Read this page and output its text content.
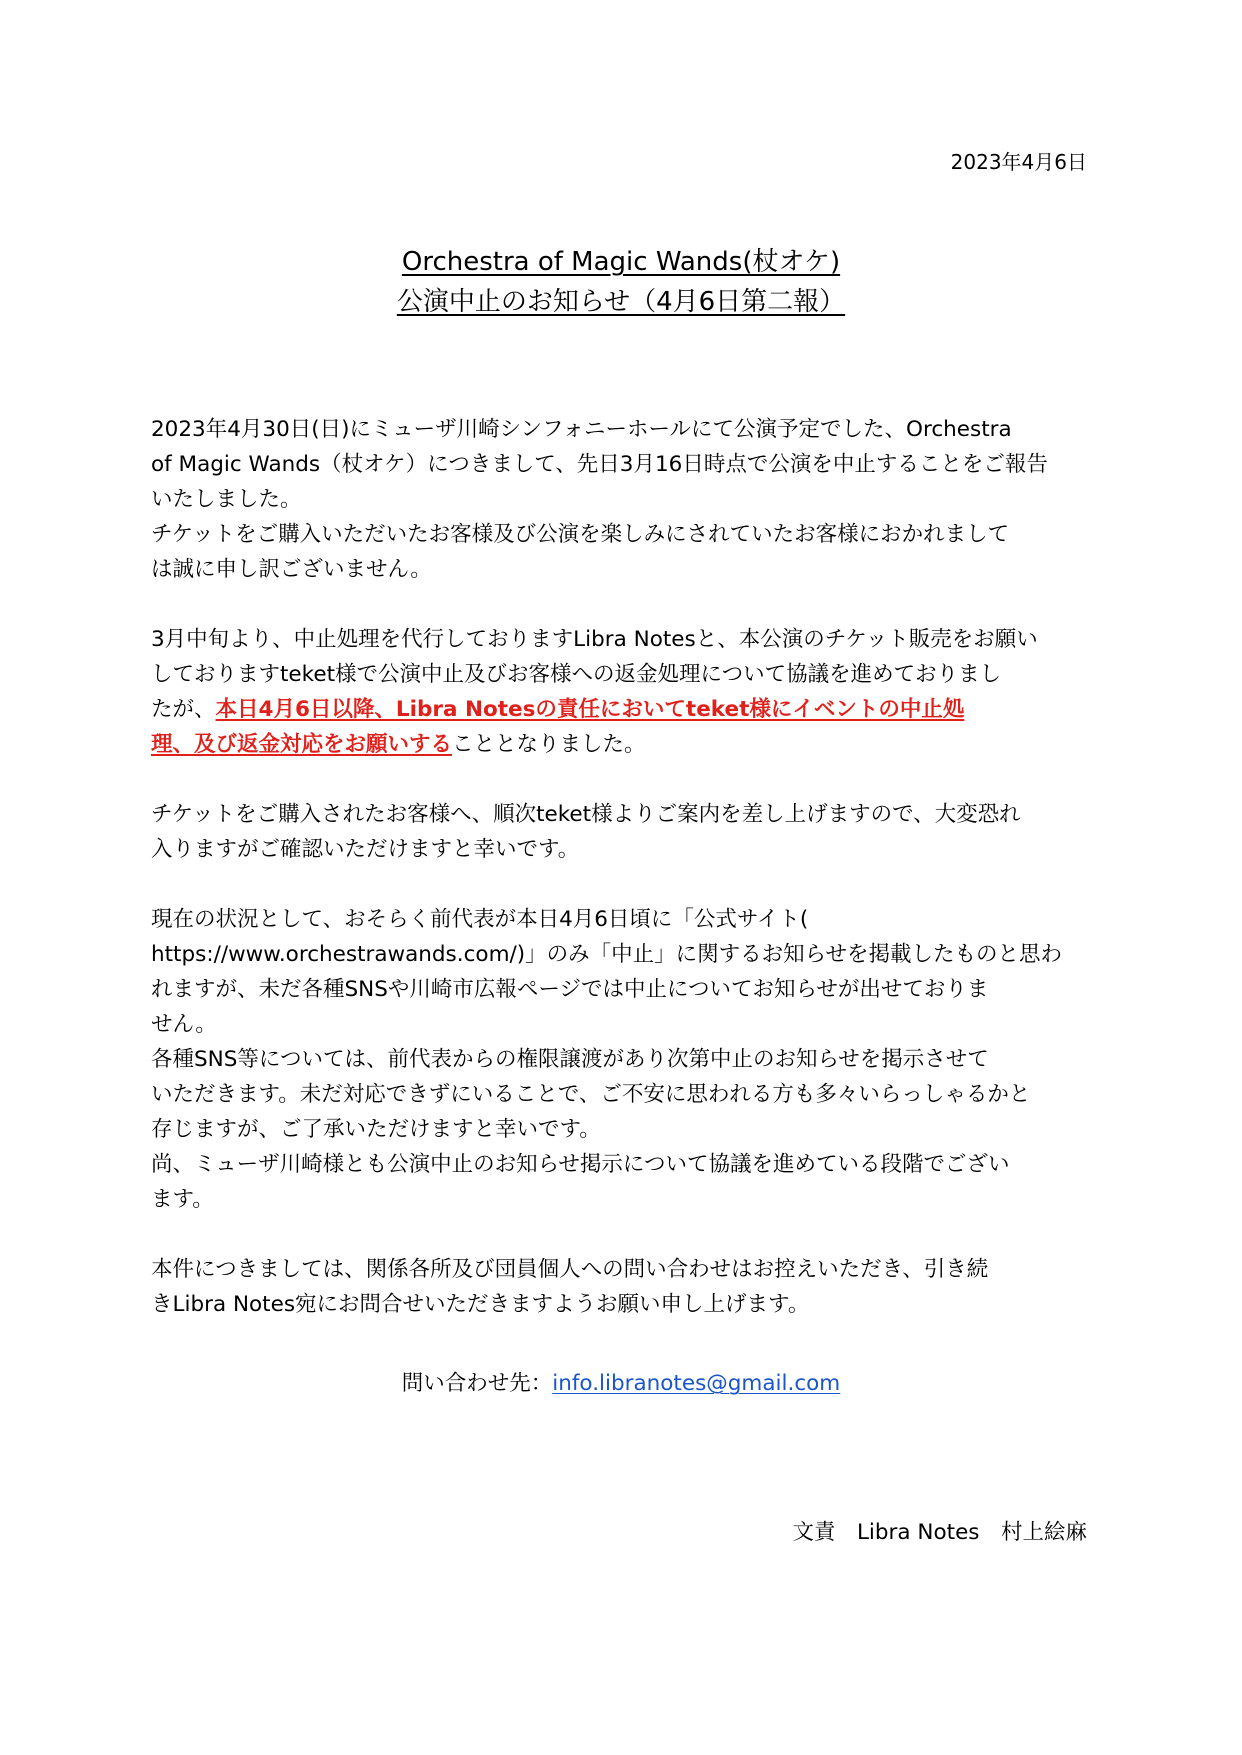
2023年4月6日
Orchestra of Magic Wands(杖オケ)
公演中止のお知らせ（4月6日第二報）
2023年4月30日(日)にミューザ川崎シンフォニーホールにて公演予定でした、Orchestra
of Magic Wands（杖オケ）につきまして、先日3月16日時点で公演を中止することをご報告
いたしました。
チケットをご購入いただいたお客様及び公演を楽しみにされていたお客様におかれまして
は誠に申し訳ございません。
3月中旬より、中止処理を代行しておりますLibra Notesと、本公演のチケット販売をお願い
しておりますteket様で公演中止及びお客様への返金処理について協議を進めておりまし
たが、本日4月6日以降、Libra Notesの責任においてteket様にイベントの中止処
理、及び返金対応をお願いすることとなりました。
チケットをご購入されたお客様へ、順次teket様よりご案内を差し上げますので、大変恐れ
入りますがご確認いただけますと幸いです。
現在の状況として、おそらく前代表が本日4月6日頃に「公式サイト(
https://www.orchestrawands.com/)」のみ「中止」に関するお知らせを掲載したものと思わ
れますが、未だ各種SNSや川崎市広報ページでは中止についてお知らせが出せておりま
せん。
各種SNS等については、前代表からの権限譲渡があり次第中止のお知らせを掲示させて
いただきます。未だ対応できずにいることで、ご不安に思われる方も多々いらっしゃるかと
存じますが、ご了承いただけますと幸いです。
尚、ミューザ川崎様とも公演中止のお知らせ掲示について協議を進めている段階でござい
ます。
本件につきましては、関係各所及び団員個人への問い合わせはお控えいただき、引き続
きLibra Notes宛にお問合せいただきますようお願い申し上げます。
問い合わせ先：info.libranotes@gmail.com
文責　Libra Notes　村上絵麻
